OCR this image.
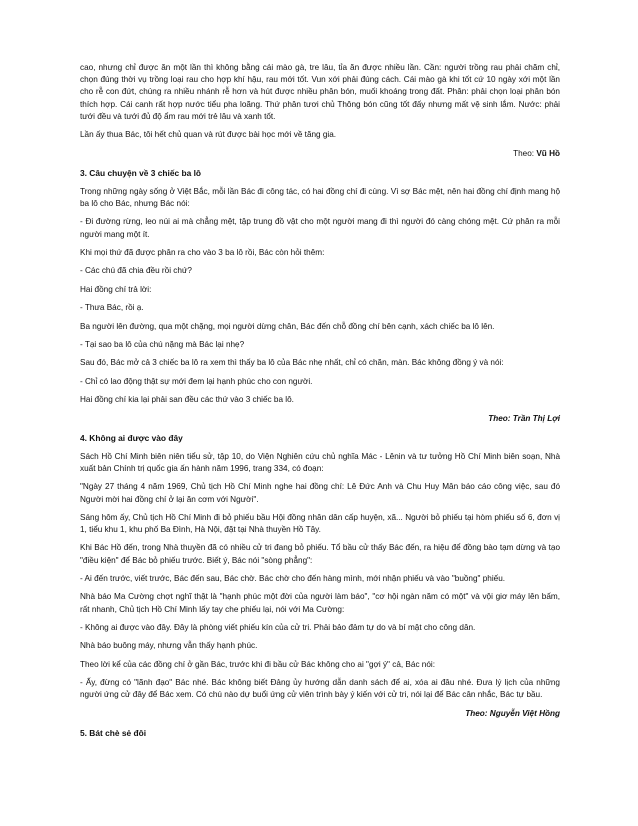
cao, nhưng chỉ được ăn một lần thì không bằng cái mào gà, tre lâu, tỉa ăn được nhiều lần. Cần: người trồng rau phải chăm chỉ, chọn đúng thời vụ trồng loại rau cho hợp khí hậu, rau mới tốt. Vun xới phải đúng cách. Cái mào gà khi tốt cứ 10 ngày xới một lần cho rễ con đứt, chúng ra nhiều nhánh rễ hơn và hút được nhiều phân bón, muối khoáng trong đất. Phân: phải chọn loại phân bón thích hợp. Cái canh rất hợp nước tiểu pha loãng. Thứ phân tươi chủ Thông bón cũng tốt đấy nhưng mất vệ sinh lắm. Nước: phải tưới đều và tưới đủ độ ẩm rau mới trẻ lâu và xanh tốt.

Lần ấy thua Bác, tôi hết chủ quan và rút được bài học mới về tăng gia.

Theo: Vũ Hồ

3. Câu chuyện về 3 chiếc ba lô

Trong những ngày sống ở Việt Bắc, mỗi lần Bác đi công tác, có hai đồng chí đi cùng. Vì sợ Bác mệt, nên hai đồng chí định mang hộ ba lô cho Bác, nhưng Bác nói:

- Đi đường rừng, leo núi ai mà chẳng mệt, tập trung đồ vật cho một người mang đi thì người đó càng chóng mệt. Cứ phân ra mỗi người mang một ít.

Khi mọi thứ đã được phân ra cho vào 3 ba lô rồi, Bác còn hỏi thêm:

- Các chú đã chia đều rồi chứ?

Hai đồng chí trả lời:

- Thưa Bác, rồi ạ.

Ba người lên đường, qua một chặng, mọi người dừng chân, Bác đến chỗ đồng chí bên cạnh, xách chiếc ba lô lên.

- Tại sao ba lô của chú nặng mà Bác lại nhẹ?

Sau đó, Bác mở cả 3 chiếc ba lô ra xem thì thấy ba lô của Bác nhẹ nhất, chỉ có chăn, màn. Bác không đồng ý và nói:

- Chỉ có lao động thật sự mới đem lại hạnh phúc cho con người.

Hai đồng chí kia lại phải san đều các thứ vào 3 chiếc ba lô.

Theo: Trần Thị Lợi

4. Không ai được vào đây

Sách Hồ Chí Minh biên niên tiểu sử, tập 10, do Viện Nghiên cứu chủ nghĩa Mác - Lênin và tư tưởng Hồ Chí Minh biên soạn, Nhà xuất bản Chính trị quốc gia ấn hành năm 1996, trang 334, có đoạn:

"Ngày 27 tháng 4 năm 1969, Chủ tịch Hồ Chí Minh nghe hai đồng chí: Lê Đức Anh và Chu Huy Mân báo cáo công việc, sau đó Người mời hai đồng chí ở lại ăn cơm với Người".

Sáng hôm ấy, Chủ tịch Hồ Chí Minh đi bỏ phiếu bầu Hội đồng nhân dân cấp huyện, xã... Người bỏ phiếu tại hòm phiếu số 6, đơn vị 1, tiểu khu 1, khu phố Ba Đình, Hà Nội, đặt tại Nhà thuyền Hồ Tây.

Khi Bác Hồ đến, trong Nhà thuyền đã có nhiều cử tri đang bỏ phiếu. Tổ bầu cử thấy Bác đến, ra hiệu để đồng bào tạm dừng và tạo "điều kiện" để Bác bỏ phiếu trước. Biết ý, Bác nói "sòng phẳng":

- Ai đến trước, viết trước, Bác đến sau, Bác chờ. Bác chờ cho đến hàng mình, mới nhận phiếu và vào "buồng" phiếu.

Nhà báo Ma Cường chợt nghĩ thật là "hạnh phúc một đời của người làm báo", "cơ hội ngàn năm có một" và vội giơ máy lên bấm, rất nhanh, Chủ tịch Hồ Chí Minh lấy tay che phiếu lại, nói với Ma Cường:

- Không ai được vào đây. Đây là phòng viết phiếu kín của cử tri. Phải bảo đảm tự do và bí mật cho công dân.

Nhà báo buông máy, nhưng vẫn thấy hạnh phúc.

Theo lời kể của các đồng chí ở gần Bác, trước khi đi bầu cử Bác không cho ai "gợi ý" cả, Bác nói:

- Ấy, đừng có "lãnh đạo" Bác nhé. Bác không biết Đảng ủy hướng dẫn danh sách để ai, xóa ai đâu nhé. Đưa lý lịch của những người ứng cử đây để Bác xem. Có chú nào dự buổi ứng cử viên trình bày ý kiến với cử tri, nói lại để Bác cân nhắc, Bác tự bầu.

Theo: Nguyễn Việt Hồng

5. Bát chè sẻ đôi
